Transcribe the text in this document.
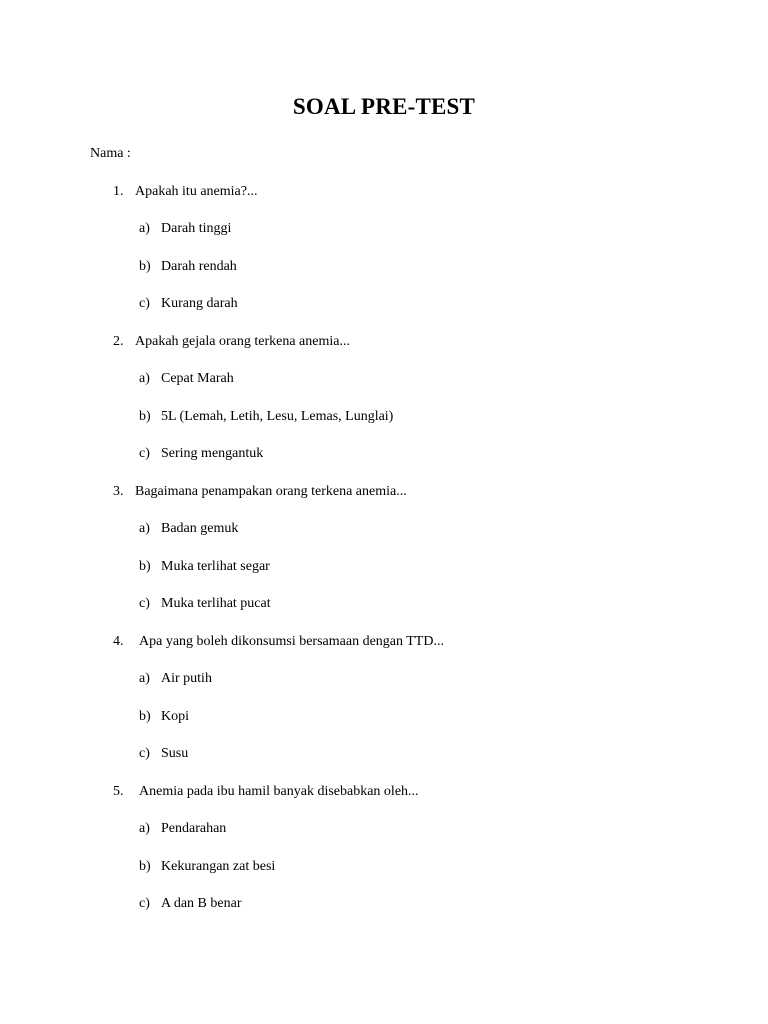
SOAL PRE-TEST
Nama :
1. Apakah itu anemia?...
a) Darah tinggi
b) Darah rendah
c) Kurang darah
2. Apakah gejala orang terkena anemia...
a) Cepat Marah
b) 5L (Lemah, Letih, Lesu, Lemas, Lunglai)
c) Sering mengantuk
3. Bagaimana penampakan orang terkena anemia...
a) Badan gemuk
b) Muka terlihat segar
c) Muka terlihat pucat
4. Apa yang boleh dikonsumsi bersamaan dengan TTD...
a) Air putih
b) Kopi
c) Susu
5. Anemia pada ibu hamil banyak disebabkan oleh...
a) Pendarahan
b) Kekurangan zat besi
c) A dan B benar
